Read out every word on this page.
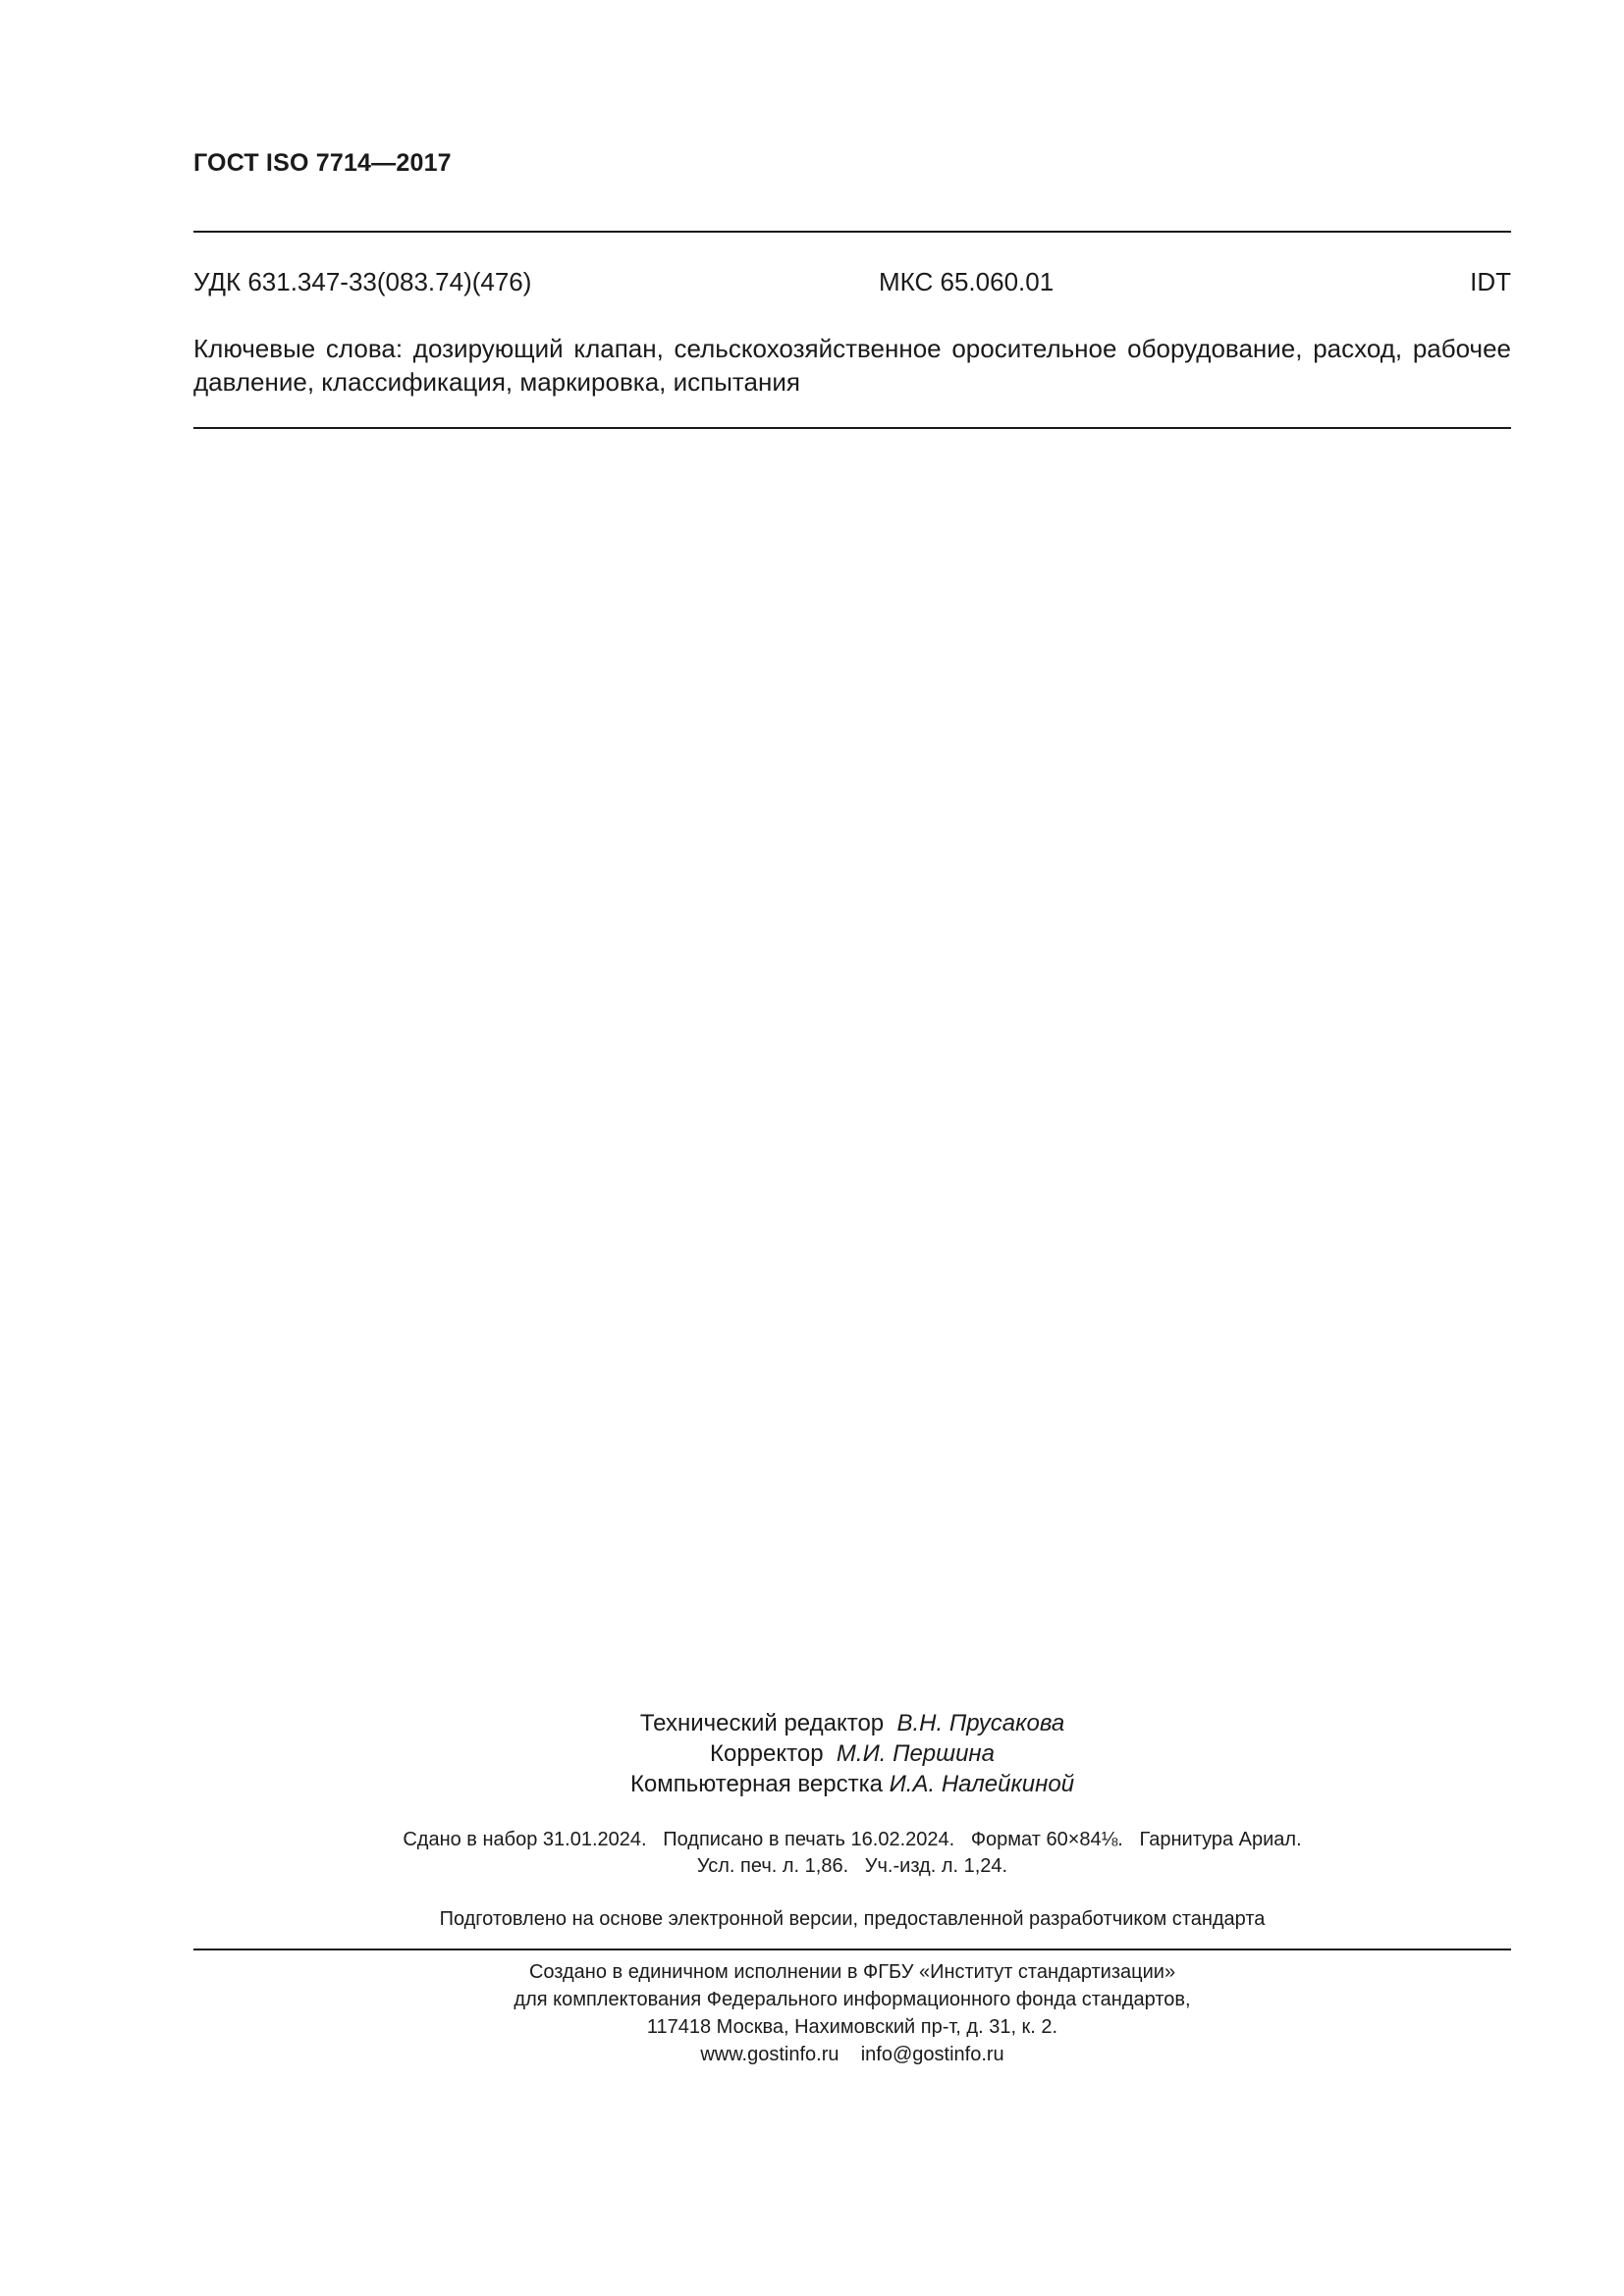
ГОСТ ISO 7714—2017
УДК 631.347-33(083.74)(476)	МКС 65.060.01	IDT
Ключевые слова: дозирующий клапан, сельскохозяйственное оросительное оборудование, расход, рабочее давление, классификация, маркировка, испытания
Технический редактор В.Н. Прусакова
Корректор М.И. Першина
Компьютерная верстка И.А. Налейкиной
Сдано в набор 31.01.2024.   Подписано в печать 16.02.2024.   Формат 60×84⅛.   Гарнитура Ариал.
Усл. печ. л. 1,86.   Уч.-изд. л. 1,24.
Подготовлено на основе электронной версии, предоставленной разработчиком стандарта
Создано в единичном исполнении в ФГБУ «Институт стандартизации»
для комплектования Федерального информационного фонда стандартов,
117418 Москва, Нахимовский пр-т, д. 31, к. 2.
www.gostinfo.ru    info@gostinfo.ru
